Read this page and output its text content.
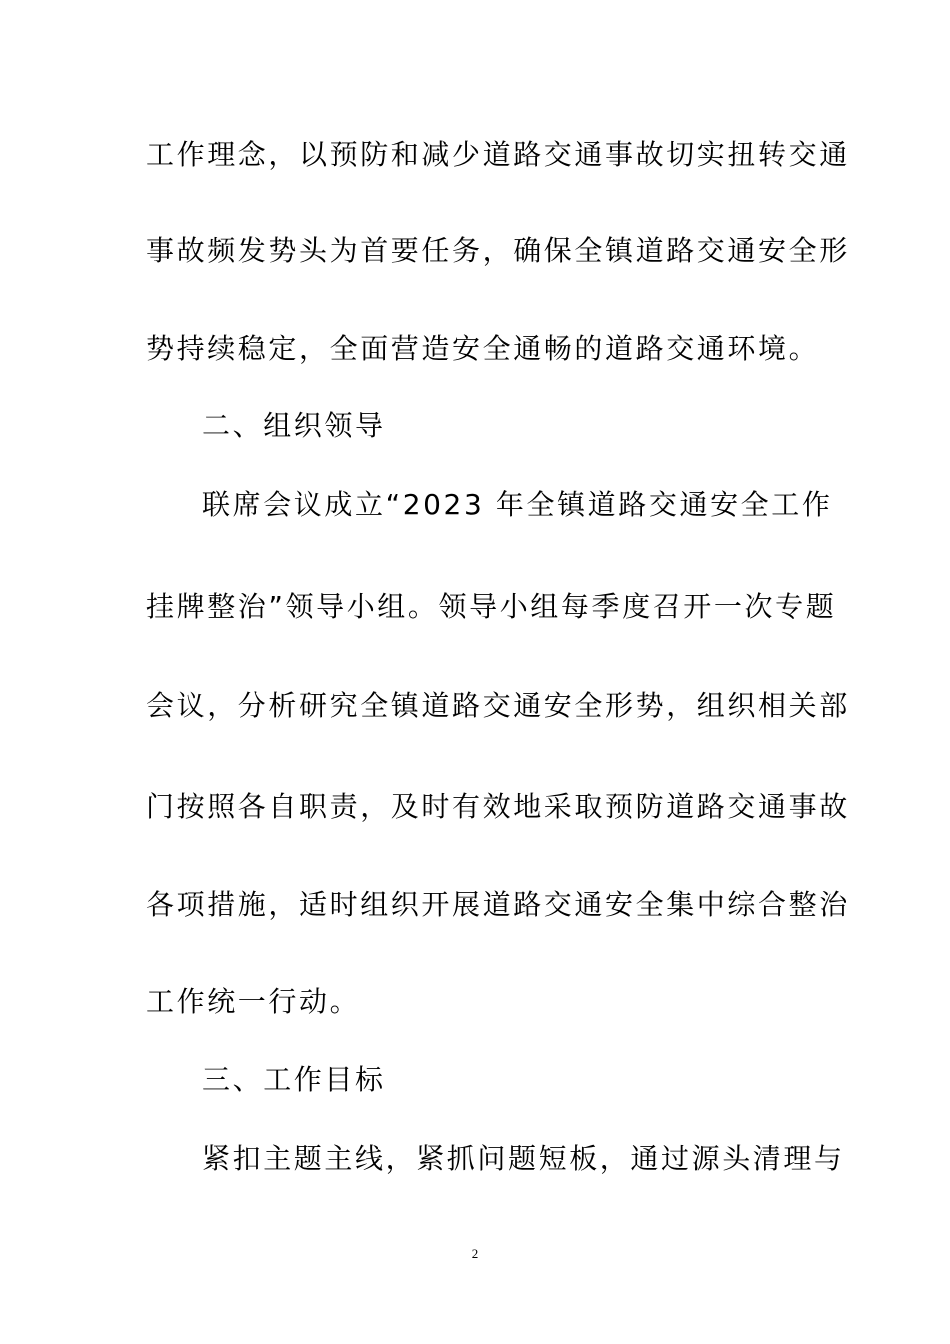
工作理念，以预防和减少道路交通事故切实扭转交通
事故频发势头为首要任务，确保全镇道路交通安全形
势持续稳定，全面营造安全通畅的道路交通环境。
二、组织领导
联席会议成立“2023 年全镇道路交通安全工作
挂牌整治”领导小组。领导小组每季度召开一次专题
会议，分析研究全镇道路交通安全形势，组织相关部
门按照各自职责，及时有效地采取预防道路交通事故
各项措施，适时组织开展道路交通安全集中综合整治
工作统一行动。
三、工作目标
紧扣主题主线，紧抓问题短板，通过源头清理与
2
